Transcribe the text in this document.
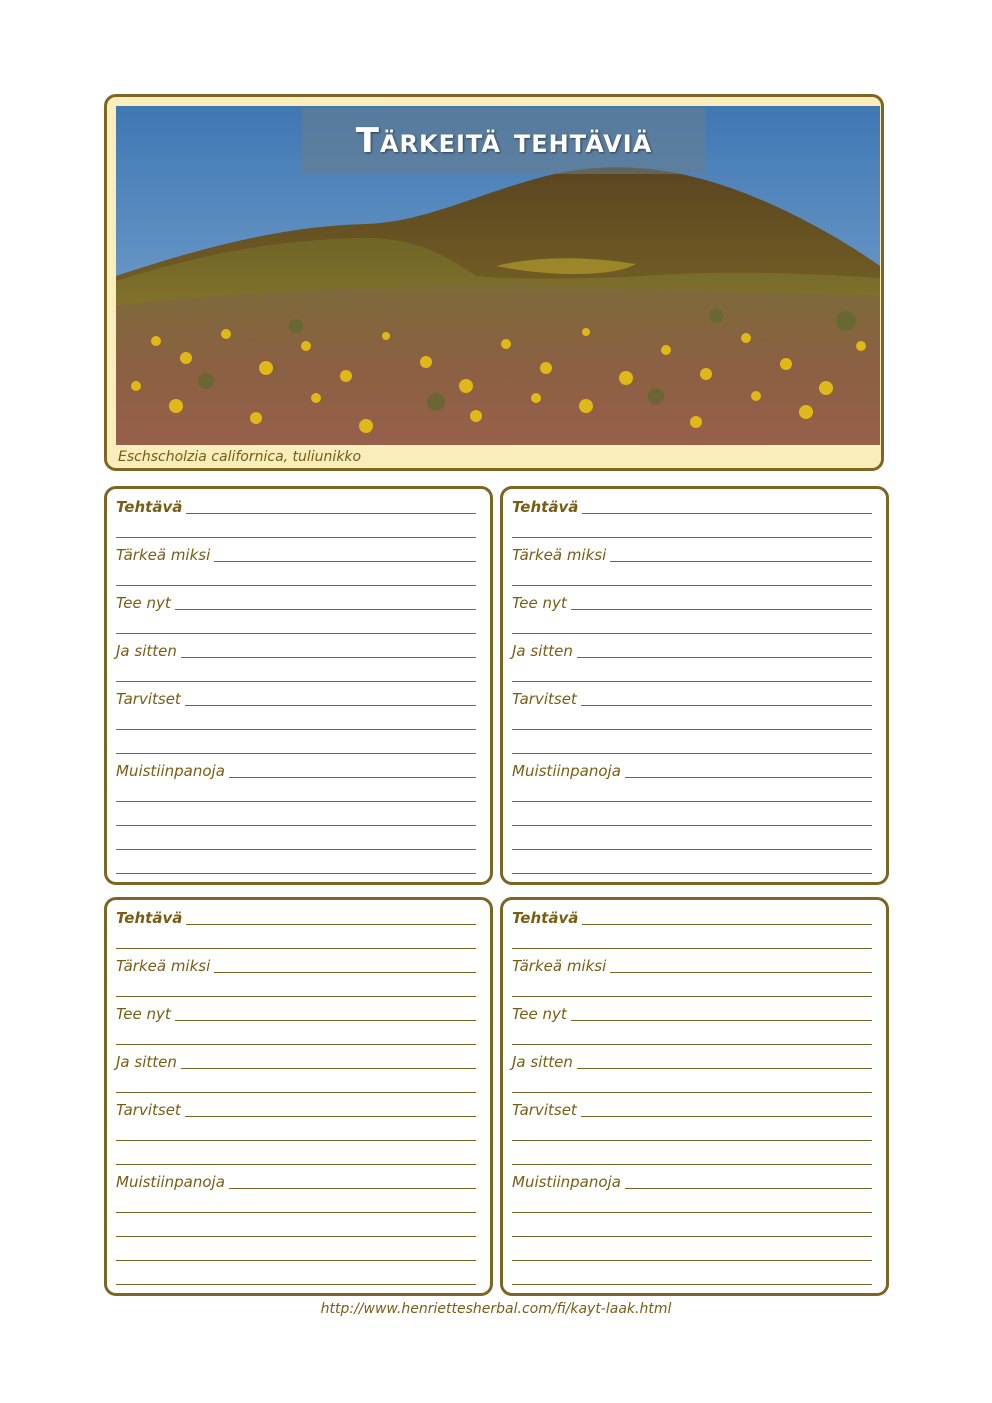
Tärkeitä tehtäviä
Eschscholzia californica, tuliunikko
Tehtävä
Tärkeä miksi
Tee nyt
Ja sitten
Tarvitset
Muistiinpanoja
Tehtävä
Tärkeä miksi
Tee nyt
Ja sitten
Tarvitset
Muistiinpanoja
Tehtävä
Tärkeä miksi
Tee nyt
Ja sitten
Tarvitset
Muistiinpanoja
Tehtävä
Tärkeä miksi
Tee nyt
Ja sitten
Tarvitset
Muistiinpanoja
http://www.henriettesherbal.com/fi/kayt-laak.html
